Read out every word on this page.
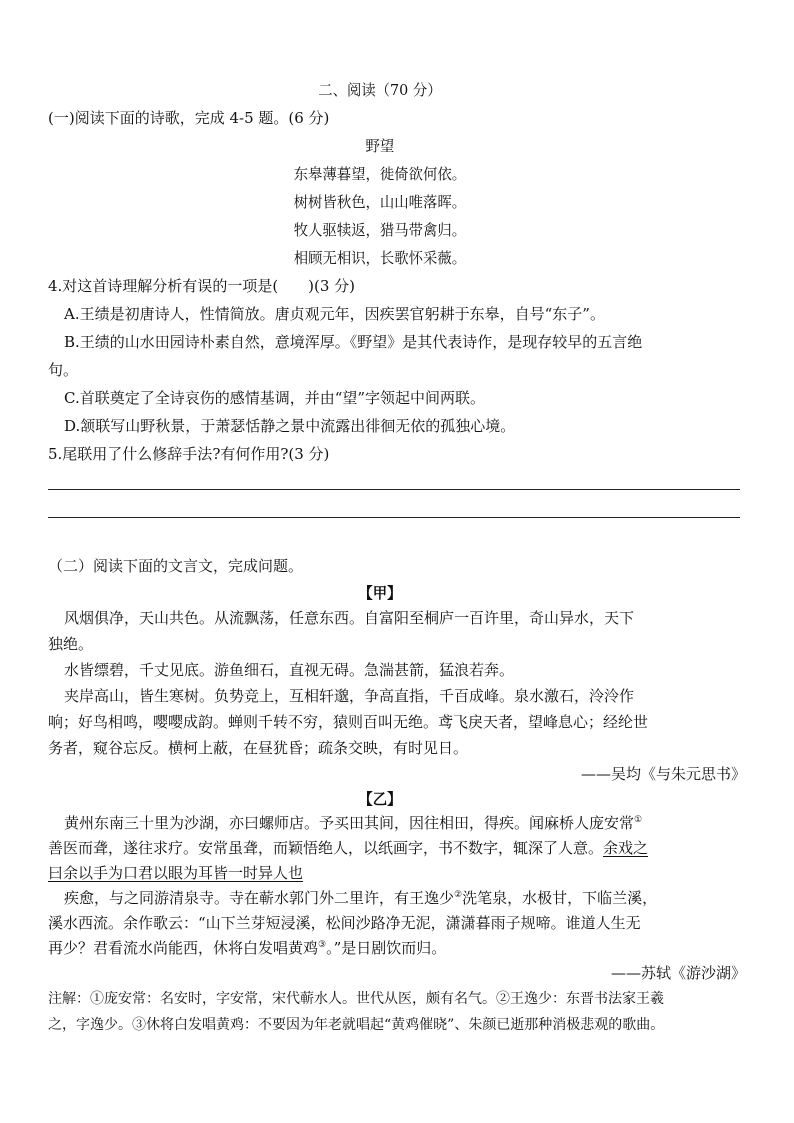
二、阅读（70 分）
(一)阅读下面的诗歌，完成 4-5 题。(6 分)
野望
东皋薄暮望，徙倚欲何依。
树树皆秋色，山山唯落晖。
牧人驱犊返，猎马带禽归。
相顾无相识，长歌怀采薇。
4.对这首诗理解分析有误的一项是(　　)(3 分)
A.王绩是初唐诗人，性情简放。唐贞观元年，因疾罢官躬耕于东皋，自号“东子”。
B.王绩的山水田园诗朴素自然，意境浑厚。《野望》是其代表诗作，是现存较早的五言绝
句。
C.首联奠定了全诗哀伤的感情基调，并由“望”字领起中间两联。
D.颔联写山野秋景，于萧瑟恬静之景中流露出徘徊无依的孤独心境。
5.尾联用了什么修辞手法?有何作用?(3 分)
（二）阅读下面的文言文，完成问题。
【甲】
风烟俱净，天山共色。从流飘荡，任意东西。自富阳至桐庐一百许里，奇山异水，天下
独绝。
水皆缥碧，千丈见底。游鱼细石，直视无碍。急湍甚箭，猛浪若奔。
夹岸高山，皆生寒树。负势竞上，互相轩邈，争高直指，千百成峰。泉水激石，泠泠作
响；好鸟相鸣，嘤嘤成韵。蝉则千转不穷，猿则百叫无绝。鸢飞戾天者，望峰息心；经纶世
务者，窥谷忘反。横柯上蔽，在昼犹昏；疏条交映，有时见日。
——吴均《与朱元思书》
【乙】
黄州东南三十里为沙湖，亦曰螺师店。予买田其间，因往相田，得疾。闻麻桥人庞安常①
善医而聋，遂往求疗。安常虽聋，而颖悟绝人，以纸画字，书不数字，辄深了人意。余戏之
曰余以手为口君以眼为耳皆一时异人也
疾愈，与之同游清泉寺。寺在蕲水郭门外二里许，有王逸少②洗笔泉，水极甘，下临兰溪，
溪水西流。余作歌云：“山下兰芽短浸溪，松间沙路净无泥，潇潇暮雨子规啼。谁道人生无
再少？君看流水尚能西，休将白发唱黄鸡③。”是日剧饮而归。
——苏轼《游沙湖》
注解：①庞安常：名安时，字安常，宋代蕲水人。世代从医，颇有名气。②王逸少：东晋书法家王羲
之，字逸少。③休将白发唱黄鸡：不要因为年老就唱起“黄鸡催晓”、朱颜已逝那种消极悲观的歌曲。
